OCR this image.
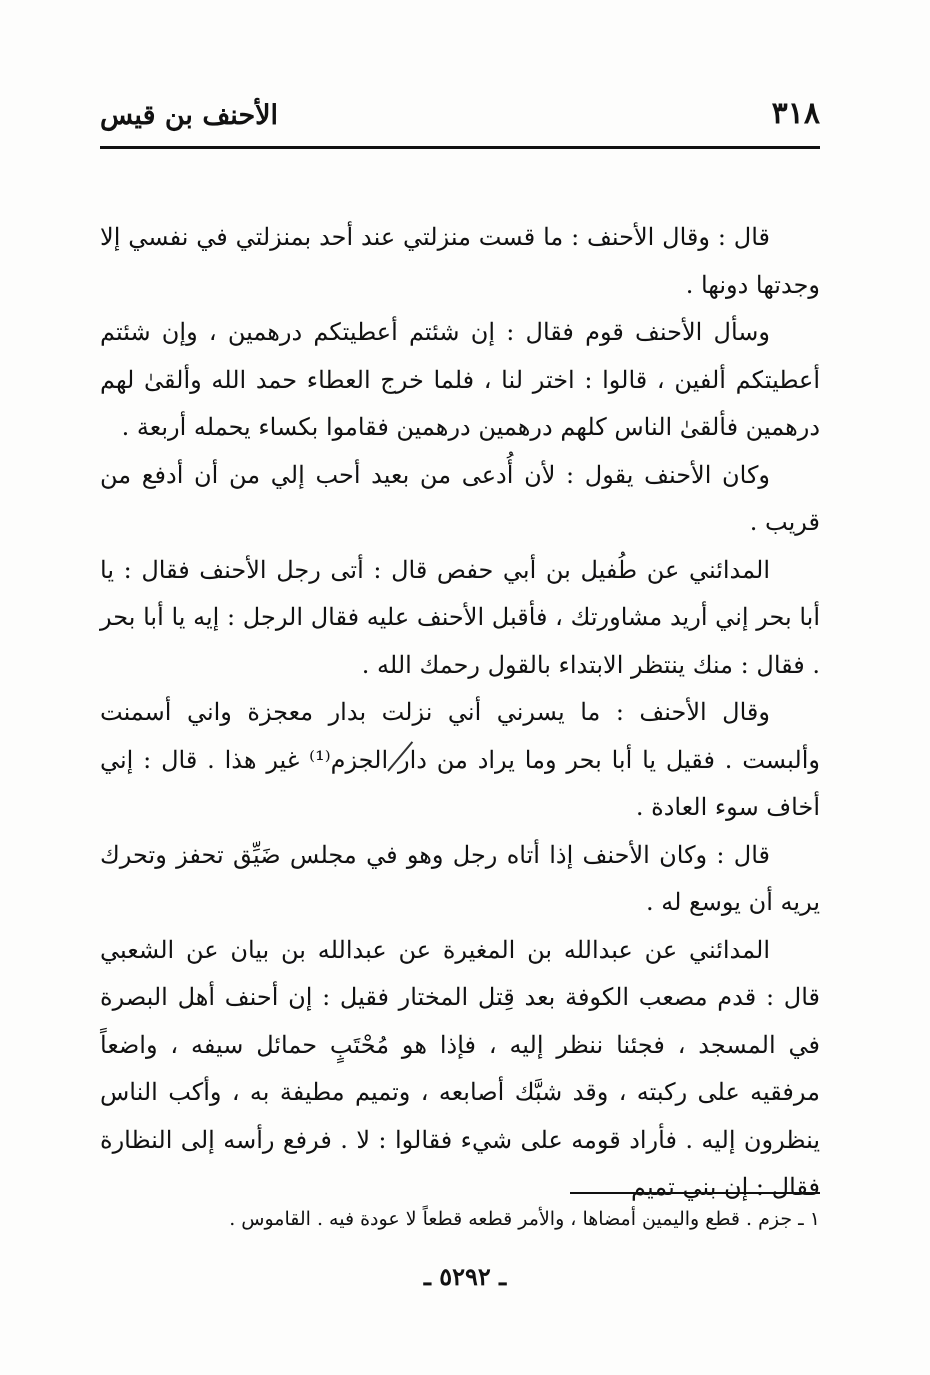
٣١٨
الأحنف بن قيس

قال : وقال الأحنف : ما قست منزلتي عند أحد بمنزلتي في نفسي إلا وجدتها دونها .

وسأل الأحنف قوم فقال : إن شئتم أعطيتكم درهمين ، وإن شئتم أعطيتكم ألفين ، قالوا : اختر لنا ، فلما خرج العطاء حمد الله وألقىٰ لهم درهمين فألقىٰ الناس كلهم درهمين درهمين فقاموا بكساء يحمله أربعة .

وكان الأحنف يقول : لأن أُدعى من بعيد أحب إلي من أن أدفع من قريب .

المدائني عن طُفيل بن أبي حفص قال : أتى رجل الأحنف فقال : يا أبا بحر إني أريد مشاورتك ، فأقبل الأحنف عليه فقال الرجل : إيه يا أبا بحر . فقال : منك ينتظر الابتداء بالقول رحمك الله .

وقال الأحنف : ما يسرني أني نزلت بدار معجزة واني أسمنت وألبست . فقيل يا أبا بحر وما يراد من دار الجزم⁽¹⁾ غير هذا . قال : إني أخاف سوء العادة .

قال : وكان الأحنف إذا أتاه رجل وهو في مجلس ضَيِّق تحفز وتحرك يريه أن يوسع له .

المدائني عن عبدالله بن المغيرة عن عبدالله بن بيان عن الشعبي قال : قدم مصعب الكوفة بعد قِتل المختار فقيل : إن أحنف أهل البصرة في المسجد ، فجئنا ننظر إليه ، فإذا هو مُحْتَبٍ حمائل سيفه ، واضعاً مرفقيه على ركبته ، وقد شبَّك أصابعه ، وتميم مطيفة به ، وأكب الناس ينظرون إليه . فأراد قومه على شيء فقالوا : لا . فرفع رأسه إلى النظارة فقال : إن بني تميم

١ ـ جزم . قطع واليمين أمضاها ، والأمر قطعه قطعاً لا عودة فيه . القاموس .
ـ ٥٢٩٢ ـ
